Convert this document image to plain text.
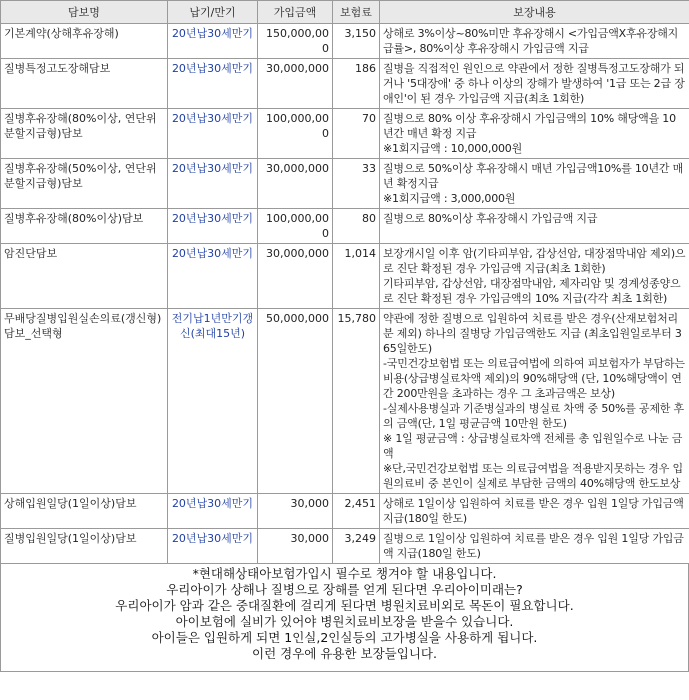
담보명	납기/만기	가입금액	보험료	보장내용
기본계약(상해후유장해)	20년납30세만기	150,000,000	3,150	상해로 3%이상~80%미만 후유장해시 <가입금액X후유장해지급률>, 80%이상 후유장해시 가입금액 지급

질병특정고도장해담보	20년납30세만기	30,000,000	186	질병을 직접적인 원인으로 약관에서 정한 질병특정고도장해가 되거나 '5대장애' 중 하나 이상의 장해가 발생하여 '1급 또는 2급 장애인'이 된 경우 가입금액 지급(최초 1회한)

질병후유장해(80%이상, 연단위분할지급형)담보	20년납30세만기	100,000,000	70	질병으로 80% 이상 후유장해시 가입금액의 10% 해당액을 10년간 매년 확정 지급
※1회지급액 : 10,000,000원

질병후유장해(50%이상, 연단위분할지급형)담보	20년납30세만기	30,000,000	33	질병으로 50%이상 후유장해시 매년 가입금액10%를 10년간 매년 확정지급
※1회지급액 : 3,000,000원

질병후유장해(80%이상)담보	20년납30세만기	100,000,000	80	질병으로 80%이상 후유장해시 가입금액 지급

암진단담보	20년납30세만기	30,000,000	1,014	보장개시일 이후 암(기타피부암, 갑상선암, 대장점막내암 제외)으로 진단 확정된 경우 가입금액 지급(최초 1회한)
기타피부암, 갑상선암, 대장점막내암, 제자리암 및 경계성종양으로 진단 확정된 경우 가입금액의 10% 지급(각각 최초 1회한)

무배당질병입원실손의료(갱신형)담보_선택형	전기납1년만기갱신(최대15년)	50,000,000	15,780	약관에 정한 질병으로 입원하여 치료를 받은 경우(산재보험처리분 제외) 하나의 질병당 가입금액한도 지급 (최초입원일로부터 365일한도)
-국민건강보험법 또는 의료급여법에 의하여 피보험자가 부담하는 비용(상급병실료차액 제외)의 90%해당액 (단, 10%해당액이 연간 200만원을 초과하는 경우 그 초과금액은 보상)
-실제사용병실과 기준병실과의 병실료 차액 중 50%를 공제한 후의 금액(단, 1일 평균금액 10만원 한도)
※ 1일 평균금액 : 상급병실료차액 전체를 총 입원일수로 나눈 금액
※단,국민건강보험법 또는 의료급여법을 적용받지못하는 경우 입원의료비 중 본인이 실제로 부담한 금액의 40%해당액 한도보상

상해입원일당(1일이상)담보	20년납30세만기	30,000	2,451	상해로 1일이상 입원하여 치료를 받은 경우 입원 1일당 가입금액 지급(180일 한도)

질병입원일당(1일이상)담보	20년납30세만기	30,000	3,249	질병으로 1일이상 입원하여 치료를 받은 경우 입원 1일당 가입금액 지급(180일 한도)
*현대해상태아보험가입시 필수로 챙겨야 할 내용입니다.
우리아이가 상해나 질병으로 장해를 얻게 된다면 우리아이미래는?
우리아이가 암과 같은 중대질환에 걸리게 된다면 병원치료비외로 목돈이 필요합니다.
아이보험에 실비가 있어야 병원치료비보장을 받을수 있습니다.
아이들은 입원하게 되면 1인실,2인실등의 고가병실을 사용하게 됩니다.
이런 경우에 유용한 보장들입니다.
